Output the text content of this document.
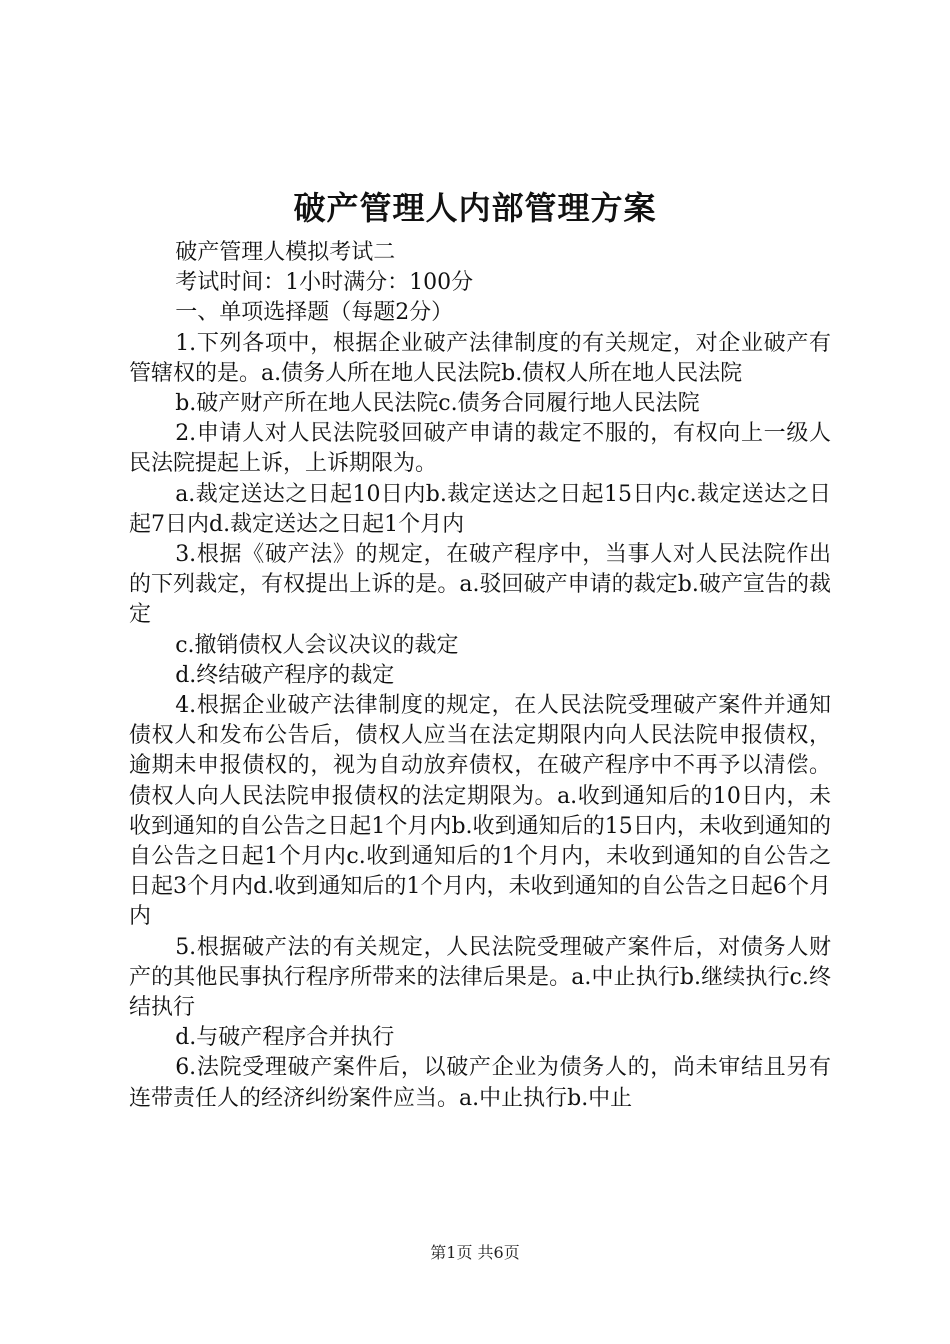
破产管理人内部管理方案

破产管理人模拟考试二

考试时间：1小时满分：100分

一、单项选择题（每题2分）

1.下列各项中，根据企业破产法律制度的有关规定，对企业破产有管辖权的是。a.债务人所在地人民法院b.债权人所在地人民法院

b.破产财产所在地人民法院c.债务合同履行地人民法院

2.申请人对人民法院驳回破产申请的裁定不服的，有权向上一级人民法院提起上诉，上诉期限为。

a.裁定送达之日起10日内b.裁定送达之日起15日内c.裁定送达之日起7日内d.裁定送达之日起1个月内

3.根据《破产法》的规定，在破产程序中，当事人对人民法院作出的下列裁定，有权提出上诉的是。a.驳回破产申请的裁定b.破产宣告的裁定

c.撤销债权人会议决议的裁定

d.终结破产程序的裁定

4.根据企业破产法律制度的规定，在人民法院受理破产案件并通知债权人和发布公告后，债权人应当在法定期限内向人民法院申报债权，逾期未申报债权的，视为自动放弃债权，在破产程序中不再予以清偿。债权人向人民法院申报债权的法定期限为。a.收到通知后的10日内，未收到通知的自公告之日起1个月内b.收到通知后的15日内，未收到通知的自公告之日起1个月内c.收到通知后的1个月内，未收到通知的自公告之日起3个月内d.收到通知后的1个月内，未收到通知的自公告之日起6个月内

5.根据破产法的有关规定，人民法院受理破产案件后，对债务人财产的其他民事执行程序所带来的法律后果是。a.中止执行b.继续执行c.终结执行

d.与破产程序合并执行

6.法院受理破产案件后，以破产企业为债务人的，尚未审结且另有连带责任人的经济纠纷案件应当。a.中止执行b.中止

第1页 共6页
